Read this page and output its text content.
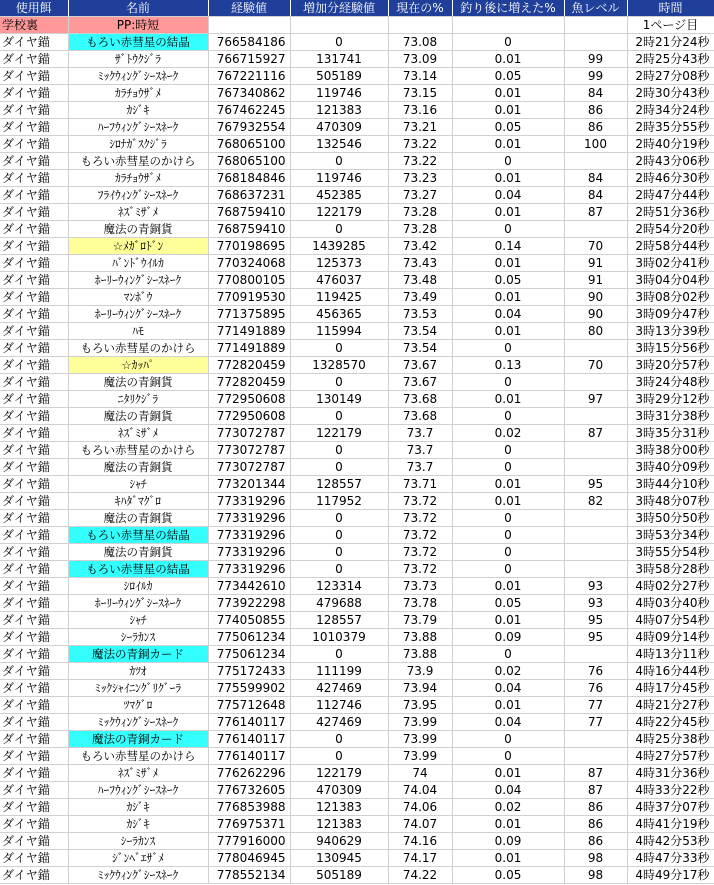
使用餌	名前	経験値	増加分経験値	現在の%	釣り後に増えた%	魚レベル	時間
学校裏	PP:時短						1ページ目
ダイヤ錨	もろい赤彗星の結晶	766584186	0	73.08	0		2時21分24秒
ダイヤ錨	ｻﾞﾄｳｸｼﾞﾗ	766715927	131741	73.09	0.01	99	2時25分43秒
ダイヤ錨	ﾐｯｸｳｨﾝｸﾞｼｰｽﾈｰｸ	767221116	505189	73.14	0.05	99	2時27分08秒
ダイヤ錨	ｶﾗﾁｮｳｻﾞﾒ	767340862	119746	73.15	0.01	84	2時30分43秒
ダイヤ錨	ｶｼﾞｷ	767462245	121383	73.16	0.01	86	2時34分24秒
ダイヤ錨	ﾊｰﾌｳｨﾝｸﾞｼｰｽﾈｰｸ	767932554	470309	73.21	0.05	86	2時35分55秒
ダイヤ錨	ｼﾛﾅｶﾞｽｸｼﾞﾗ	768065100	132546	73.22	0.01	100	2時40分19秒
ダイヤ錨	もろい赤彗星のかけら	768065100	0	73.22	0		2時43分06秒
ダイヤ錨	ｶﾗﾁｮｳｻﾞﾒ	768184846	119746	73.23	0.01	84	2時46分30秒
ダイヤ錨	ﾌﾗｲｳｨﾝｸﾞｼｰｽﾈｰｸ	768637231	452385	73.27	0.04	84	2時47分44秒
ダイヤ錨	ﾈｽﾞﾐｻﾞﾒ	768759410	122179	73.28	0.01	87	2時51分36秒
ダイヤ錨	魔法の青銅貨	768759410	0	73.28	0		2時54分20秒
ダイヤ錨	☆ﾒｶﾞﾛﾄﾞﾝ	770198695	1439285	73.42	0.14	70	2時58分44秒
ダイヤ錨	ﾊﾞﾝﾄﾞｳｲﾙｶ	770324068	125373	73.43	0.01	91	3時02分41秒
ダイヤ錨	ﾎｰﾘｰｳｨﾝｸﾞｼｰｽﾈｰｸ	770800105	476037	73.48	0.05	91	3時04分04秒
ダイヤ錨	ﾏﾝﾎﾞｳ	770919530	119425	73.49	0.01	90	3時08分02秒
ダイヤ錨	ﾎｰﾘｰｳｨﾝｸﾞｼｰｽﾈｰｸ	771375895	456365	73.53	0.04	90	3時09分47秒
ダイヤ錨	ﾊﾓ	771491889	115994	73.54	0.01	80	3時13分39秒
ダイヤ錨	もろい赤彗星のかけら	771491889	0	73.54	0		3時15分56秒
ダイヤ錨	☆ｶｯﾊﾟ	772820459	1328570	73.67	0.13	70	3時20分57秒
ダイヤ錨	魔法の青銅貨	772820459	0	73.67	0		3時24分48秒
ダイヤ錨	ﾆﾀﾘｸｼﾞﾗ	772950608	130149	73.68	0.01	97	3時29分12秒
ダイヤ錨	魔法の青銅貨	772950608	0	73.68	0		3時31分38秒
ダイヤ錨	ﾈｽﾞﾐｻﾞﾒ	773072787	122179	73.7	0.02	87	3時35分31秒
ダイヤ錨	もろい赤彗星のかけら	773072787	0	73.7	0		3時38分00秒
ダイヤ錨	魔法の青銅貨	773072787	0	73.7	0		3時40分09秒
ダイヤ錨	ｼｬﾁ	773201344	128557	73.71	0.01	95	3時44分10秒
ダイヤ錨	ｷﾊﾀﾞﾏｸﾞﾛ	773319296	117952	73.72	0.01	82	3時48分07秒
ダイヤ錨	魔法の青銅貨	773319296	0	73.72	0		3時50分50秒
ダイヤ錨	もろい赤彗星の結晶	773319296	0	73.72	0		3時53分34秒
ダイヤ錨	魔法の青銅貨	773319296	0	73.72	0		3時55分54秒
ダイヤ錨	もろい赤彗星の結晶	773319296	0	73.72	0		3時58分28秒
ダイヤ錨	ｼﾛｲﾙｶ	773442610	123314	73.73	0.01	93	4時02分27秒
ダイヤ錨	ﾎｰﾘｰｳｨﾝｸﾞｼｰｽﾈｰｸ	773922298	479688	73.78	0.05	93	4時03分40秒
ダイヤ錨	ｼｬﾁ	774050855	128557	73.79	0.01	95	4時07分54秒
ダイヤ錨	ｼｰﾗｶﾝｽ	775061234	1010379	73.88	0.09	95	4時09分14秒
ダイヤ錨	魔法の青銅カード	775061234	0	73.88	0		4時13分11秒
ダイヤ錨	ｶﾂｵ	775172433	111199	73.9	0.02	76	4時16分44秒
ダイヤ錨	ﾐｯｸｼｬｲﾆﾝｸﾞﾘｸﾞｰﾗ	775599902	427469	73.94	0.04	76	4時17分45秒
ダイヤ錨	ﾂﾏｸﾞﾛ	775712648	112746	73.95	0.01	77	4時21分27秒
ダイヤ錨	ﾐｯｸｳｨﾝｸﾞｼｰｽﾈｰｸ	776140117	427469	73.99	0.04	77	4時22分45秒
ダイヤ錨	魔法の青銅カード	776140117	0	73.99	0		4時25分38秒
ダイヤ錨	もろい赤彗星のかけら	776140117	0	73.99	0		4時27分57秒
ダイヤ錨	ﾈｽﾞﾐｻﾞﾒ	776262296	122179	74	0.01	87	4時31分36秒
ダイヤ錨	ﾊｰﾌｳｨﾝｸﾞｼｰｽﾈｰｸ	776732605	470309	74.04	0.04	87	4時33分22秒
ダイヤ錨	ｶｼﾞｷ	776853988	121383	74.06	0.02	86	4時37分07秒
ダイヤ錨	ｶｼﾞｷ	776975371	121383	74.07	0.01	86	4時41分19秒
ダイヤ錨	ｼｰﾗｶﾝｽ	777916000	940629	74.16	0.09	86	4時42分53秒
ダイヤ錨	ｼﾞﾝﾍﾞｴｻﾞﾒ	778046945	130945	74.17	0.01	98	4時47分33秒
ダイヤ錨	ﾐｯｸｳｨﾝｸﾞｼｰｽﾈｰｸ	778552134	505189	74.22	0.05	98	4時49分17秒
